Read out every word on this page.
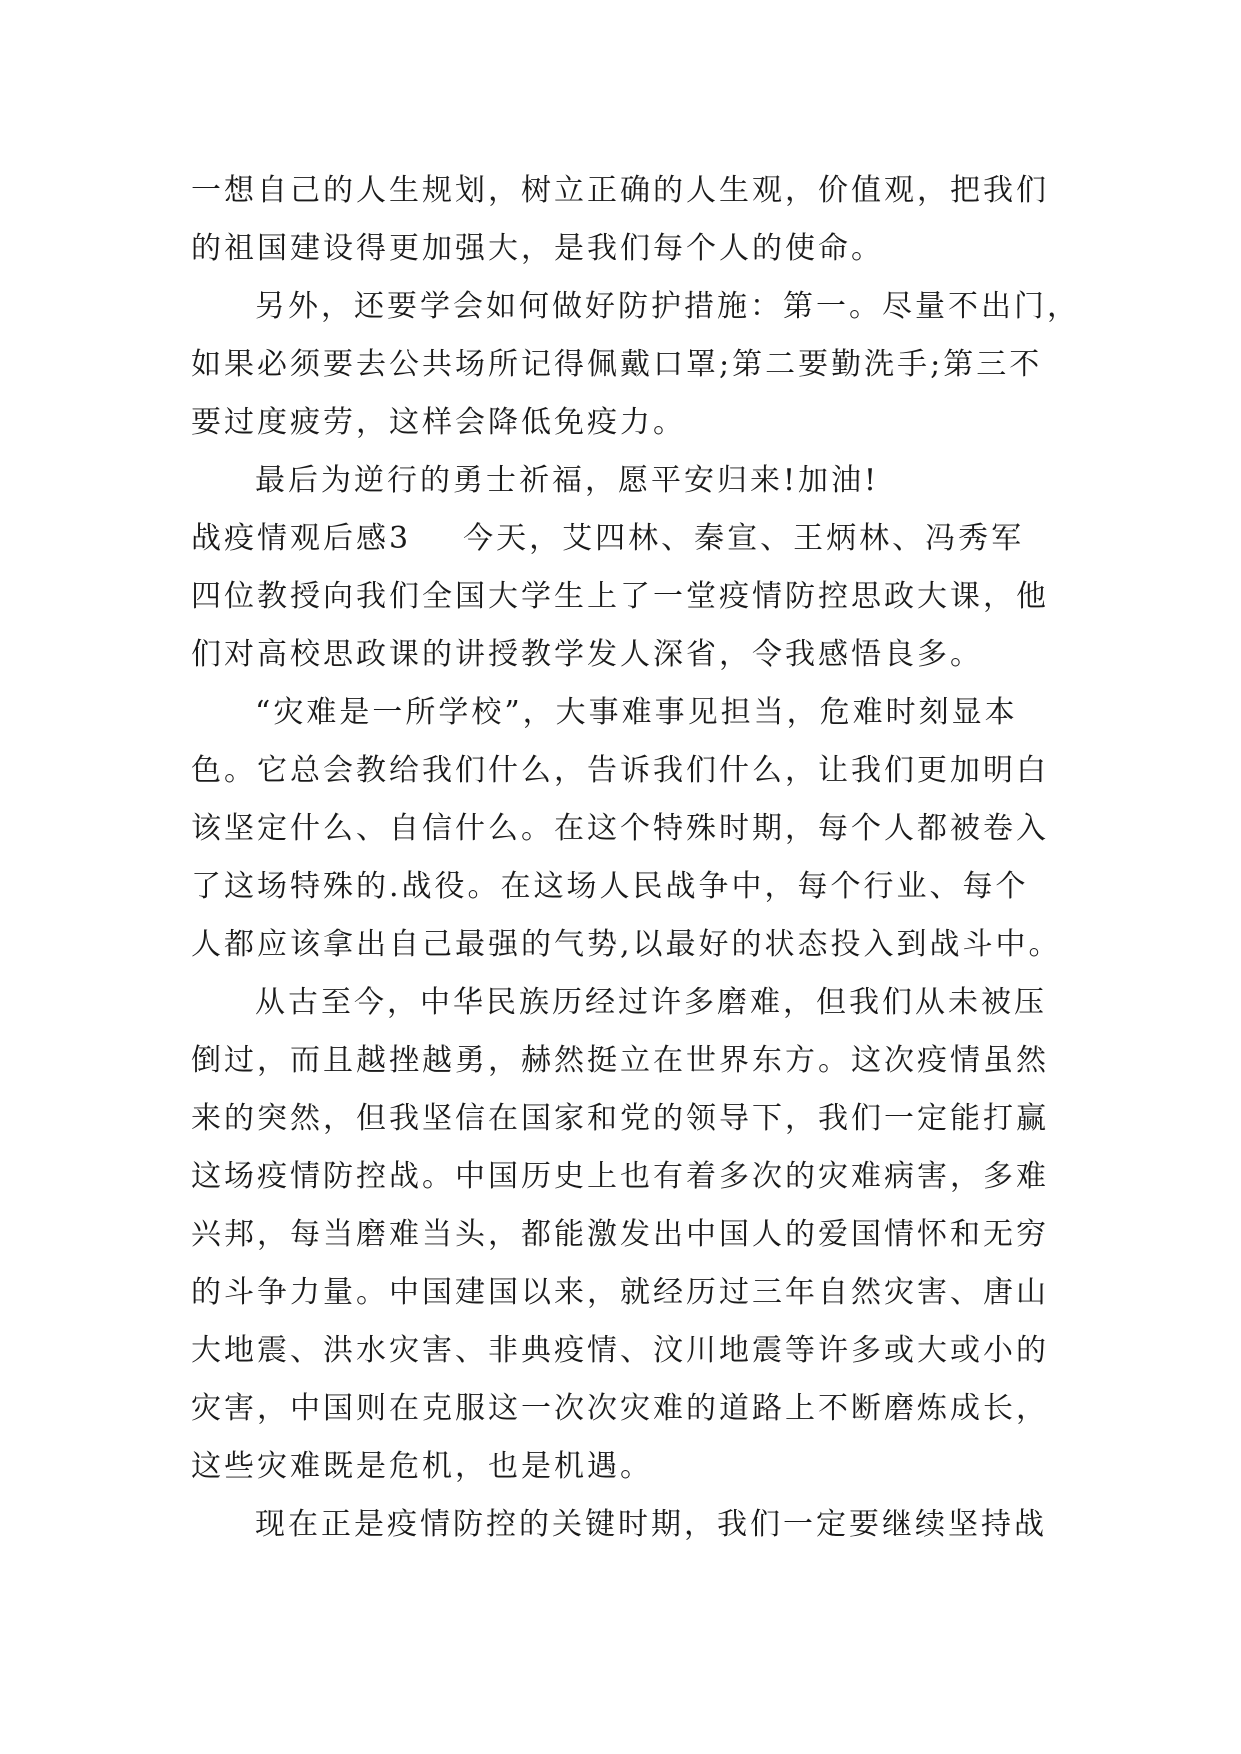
一想自己的人生规划，树立正确的人生观，价值观，把我们
的祖国建设得更加强大，是我们每个人的使命。
另外，还要学会如何做好防护措施：第一。尽量不出门，
如果必须要去公共场所记得佩戴口罩;第二要勤洗手;第三不
要过度疲劳，这样会降低免疫力。
最后为逆行的勇士祈福，愿平安归来!加油!
战疫情观后感3 今天，艾四林、秦宣、王炳林、冯秀军
四位教授向我们全国大学生上了一堂疫情防控思政大课，他
们对高校思政课的讲授教学发人深省，令我感悟良多。
“灾难是一所学校”，大事难事见担当，危难时刻显本
色。它总会教给我们什么，告诉我们什么，让我们更加明白
该坚定什么、自信什么。在这个特殊时期，每个人都被卷入
了这场特殊的.战役。在这场人民战争中，每个行业、每个
人都应该拿出自己最强的气势,以最好的状态投入到战斗中。
从古至今，中华民族历经过许多磨难，但我们从未被压
倒过，而且越挫越勇，赫然挺立在世界东方。这次疫情虽然
来的突然，但我坚信在国家和党的领导下，我们一定能打赢
这场疫情防控战。中国历史上也有着多次的灾难病害，多难
兴邦，每当磨难当头，都能激发出中国人的爱国情怀和无穷
的斗争力量。中国建国以来，就经历过三年自然灾害、唐山
大地震、洪水灾害、非典疫情、汶川地震等许多或大或小的
灾害，中国则在克服这一次次灾难的道路上不断磨炼成长，
这些灾难既是危机，也是机遇。
现在正是疫情防控的关键时期，我们一定要继续坚持战
